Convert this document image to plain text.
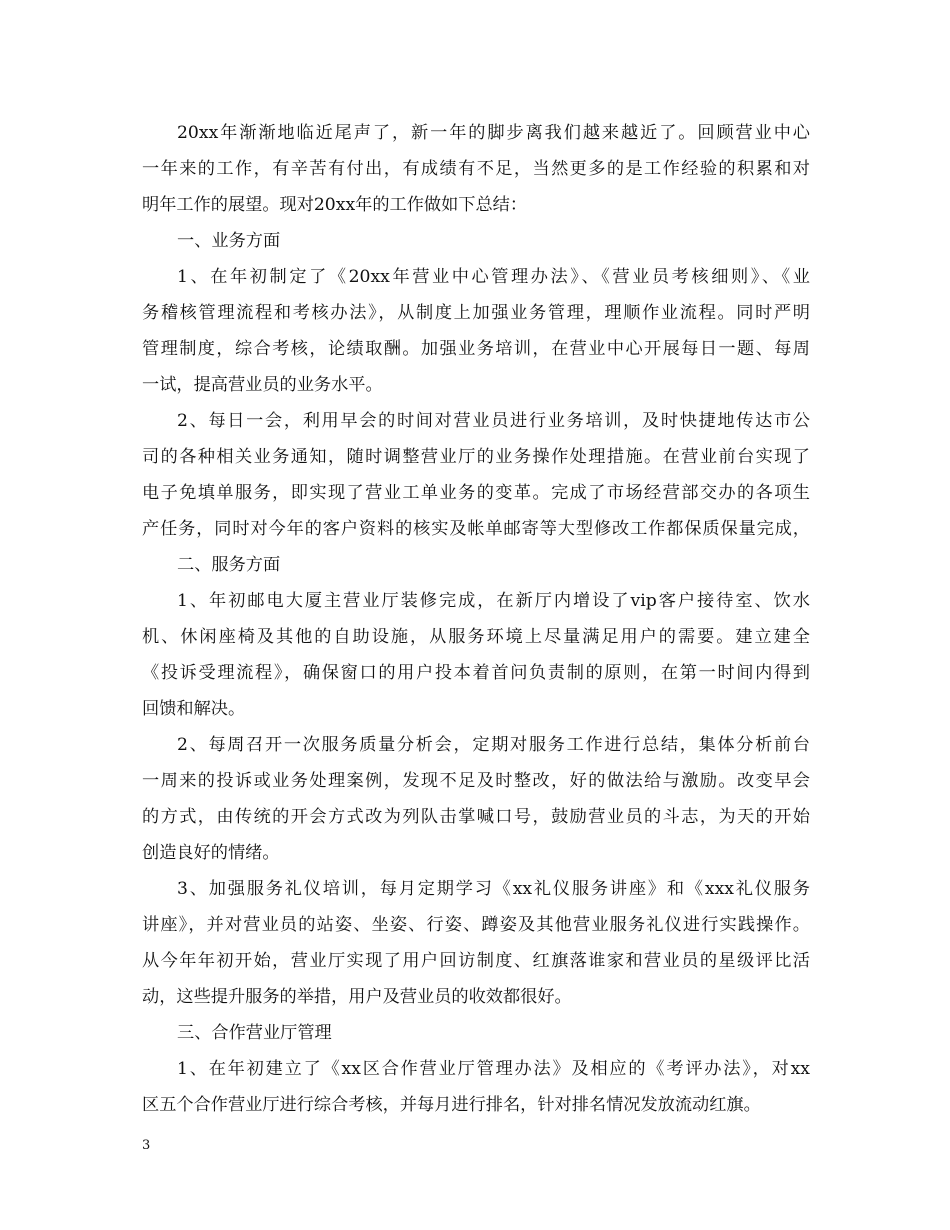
20xx年渐渐地临近尾声了，新一年的脚步离我们越来越近了。回顾营业中心
一年来的工作，有辛苦有付出，有成绩有不足，当然更多的是工作经验的积累和对
明年工作的展望。现对20xx年的工作做如下总结：
一、业务方面
1、在年初制定了《20xx年营业中心管理办法》、《营业员考核细则》、《业
务稽核管理流程和考核办法》，从制度上加强业务管理，理顺作业流程。同时严明
管理制度，综合考核，论绩取酬。加强业务培训，在营业中心开展每日一题、每周
一试，提高营业员的业务水平。
2、每日一会，利用早会的时间对营业员进行业务培训，及时快捷地传达市公
司的各种相关业务通知，随时调整营业厅的业务操作处理措施。在营业前台实现了
电子免填单服务，即实现了营业工单业务的变革。完成了市场经营部交办的各项生
产任务，同时对今年的客户资料的核实及帐单邮寄等大型修改工作都保质保量完成，
二、服务方面
1、年初邮电大厦主营业厅装修完成，在新厅内增设了vip客户接待室、饮水
机、休闲座椅及其他的自助设施，从服务环境上尽量满足用户的需要。建立建全
《投诉受理流程》，确保窗口的用户投本着首问负责制的原则，在第一时间内得到
回馈和解决。
2、每周召开一次服务质量分析会，定期对服务工作进行总结，集体分析前台
一周来的投诉或业务处理案例，发现不足及时整改，好的做法给与激励。改变早会
的方式，由传统的开会方式改为列队击掌喊口号，鼓励营业员的斗志，为天的开始
创造良好的情绪。
3、加强服务礼仪培训，每月定期学习《xx礼仪服务讲座》和《xxx礼仪服务
讲座》，并对营业员的站姿、坐姿、行姿、蹲姿及其他营业服务礼仪进行实践操作。
从今年年初开始，营业厅实现了用户回访制度、红旗落谁家和营业员的星级评比活
动，这些提升服务的举措，用户及营业员的收效都很好。
三、合作营业厅管理
1、在年初建立了《xx区合作营业厅管理办法》及相应的《考评办法》，对xx
区五个合作营业厅进行综合考核，并每月进行排名，针对排名情况发放流动红旗。
3
